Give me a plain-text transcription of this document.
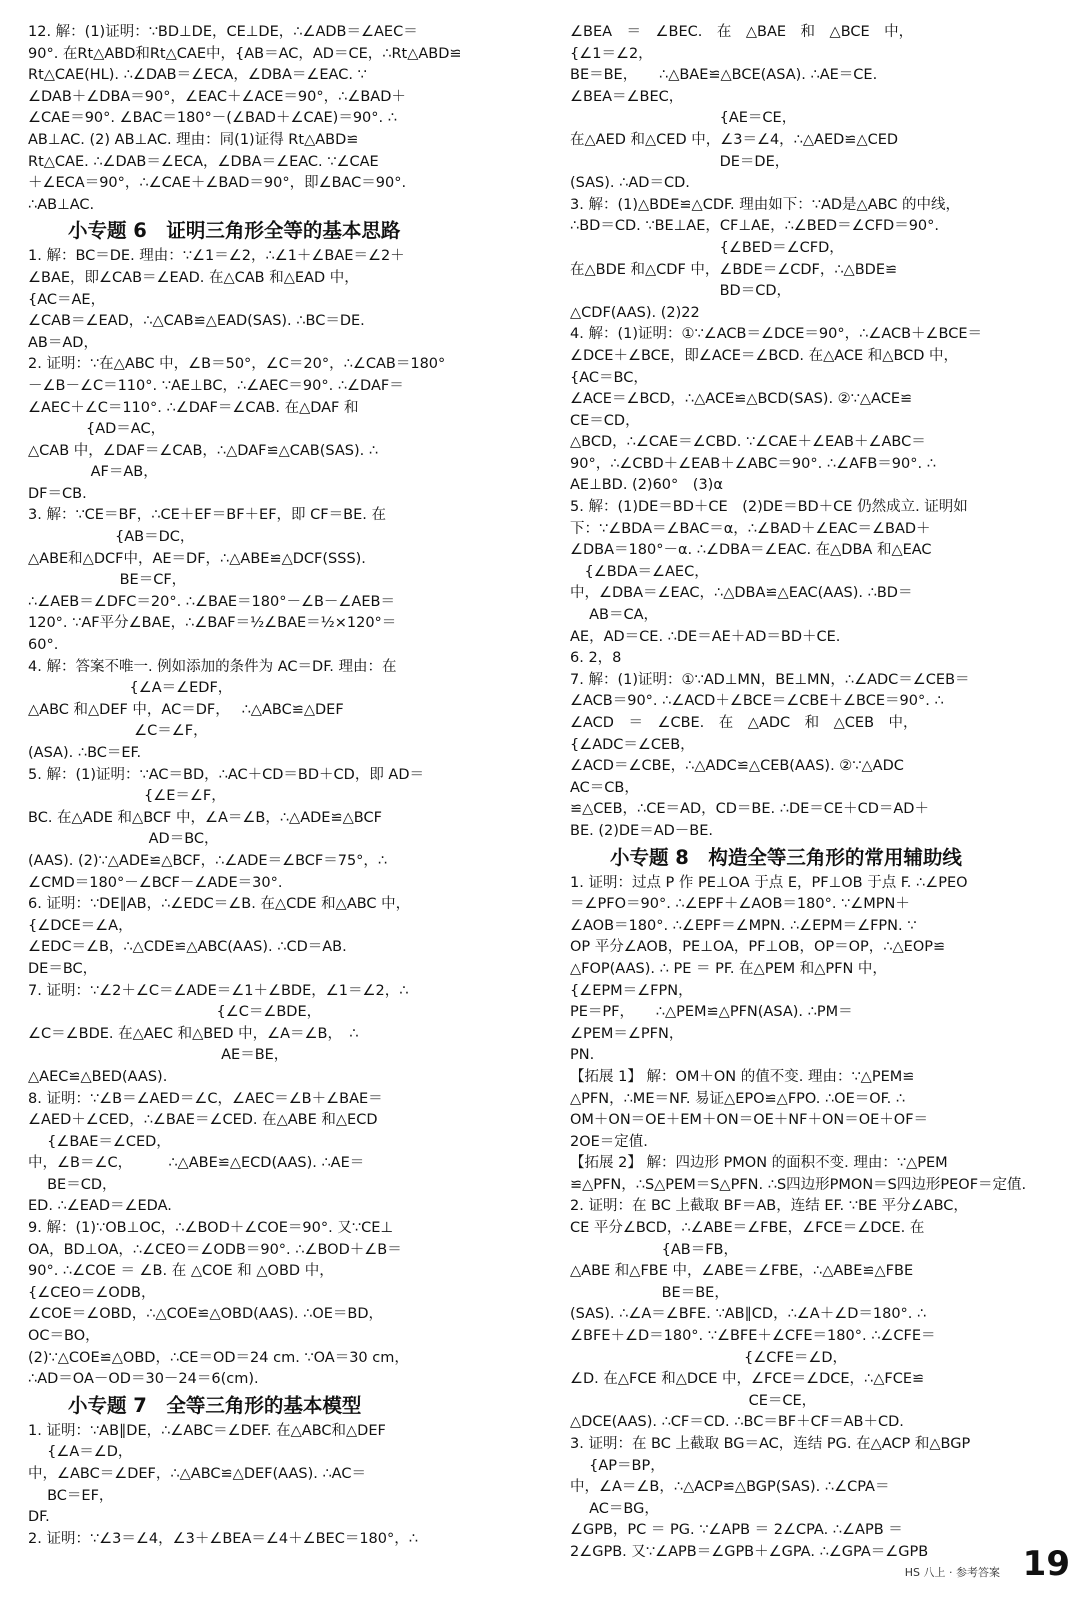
12. 解：(1)证明：∵BD⊥DE，CE⊥DE，∴∠ADB＝∠AEC＝
90°. 在Rt△ABD和Rt△CAE中，{AB＝AC，AD＝CE，∴Rt△ABD≌
Rt△CAE(HL). ∴∠DAB＝∠ECA，∠DBA＝∠EAC. ∵
∠DAB＋∠DBA＝90°，∠EAC＋∠ACE＝90°，∴∠BAD＋
∠CAE＝90°. ∠BAC＝180°－(∠BAD＋∠CAE)＝90°. ∴
AB⊥AC. (2) AB⊥AC. 理由：同(1)证得 Rt△ABD≌
Rt△CAE. ∴∠DAB＝∠ECA，∠DBA＝∠EAC. ∵∠CAE
＋∠ECA＝90°，∴∠CAE＋∠BAD＝90°，即∠BAC＝90°.
∴AB⊥AC.
小专题 6　证明三角形全等的基本思路
1. 解：BC＝DE. 理由：∵∠1＝∠2，∴∠1＋∠BAE＝∠2＋
∠BAE，即∠CAB＝∠EAD. 在△CAB 和△EAD 中，
{AC＝AE，
∠CAB＝∠EAD，∴△CAB≌△EAD(SAS). ∴BC＝DE.
AB＝AD，
2. 证明：∵在△ABC 中，∠B＝50°，∠C＝20°，∴∠CAB＝180°
－∠B－∠C＝110°. ∵AE⊥BC，∴∠AEC＝90°. ∴∠DAF＝
∠AEC＋∠C＝110°. ∴∠DAF＝∠CAB. 在△DAF 和
　　　　{AD＝AC，
△CAB 中，∠DAF＝∠CAB，∴△DAF≌△CAB(SAS). ∴
　　　　 AF＝AB，
DF＝CB.
3. 解：∵CE＝BF，∴CE＋EF＝BF＋EF，即 CF＝BE. 在
　　　　　　{AB＝DC，
△ABE和△DCF中，AE＝DF，∴△ABE≌△DCF(SSS).
　　　　　　 BE＝CF，
∴∠AEB＝∠DFC＝20°. ∴∠BAE＝180°－∠B－∠AEB＝
120°. ∵AF平分∠BAE，∴∠BAF＝½∠BAE＝½×120°＝
60°.
4. 解：答案不唯一. 例如添加的条件为 AC＝DF. 理由：在
　　　　　　　{∠A＝∠EDF，
△ABC 和△DEF 中，AC＝DF，　 ∴△ABC≌△DEF
　　　　　　　 ∠C＝∠F，
(ASA). ∴BC＝EF.
5. 解：(1)证明：∵AC＝BD，∴AC＋CD＝BD＋CD，即 AD＝
　　　　　　　　{∠E＝∠F，
BC. 在△ADE 和△BCF 中，∠A＝∠B，∴△ADE≌△BCF
　　　　　　　　 AD＝BC，
(AAS). (2)∵△ADE≌△BCF，∴∠ADE＝∠BCF＝75°，∴
∠CMD＝180°－∠BCF－∠ADE＝30°.
6. 证明：∵DE∥AB，∴∠EDC＝∠B. 在△CDE 和△ABC 中，
{∠DCE＝∠A，
∠EDC＝∠B，∴△CDE≌△ABC(AAS). ∴CD＝AB.
DE＝BC，
7. 证明：∵∠2＋∠C＝∠ADE＝∠1＋∠BDE，∠1＝∠2，∴
　　　　　　　　　　　　　{∠C＝∠BDE，
∠C＝∠BDE. 在△AEC 和△BED 中，∠A＝∠B，　∴
　　　　　　　　　　　　　 AE＝BE，
△AEC≌△BED(AAS).
8. 证明：∵∠B＝∠AED＝∠C，∠AEC＝∠B＋∠BAE＝
∠AED＋∠CED，∴∠BAE＝∠CED. 在△ABE 和△ECD
　 {∠BAE＝∠CED，
中，∠B＝∠C，　　　∴△ABE≌△ECD(AAS). ∴AE＝
　 BE＝CD，
ED. ∴∠EAD＝∠EDA.
9. 解：(1)∵OB⊥OC，∴∠BOD＋∠COE＝90°. 又∵CE⊥
OA，BD⊥OA，∴∠CEO＝∠ODB＝90°. ∴∠BOD＋∠B＝
90°. ∴∠COE ＝ ∠B. 在 △COE 和 △OBD 中，
{∠CEO＝∠ODB，
∠COE＝∠OBD，∴△COE≌△OBD(AAS). ∴OE＝BD，
OC＝BO，
(2)∵△COE≌△OBD，∴CE＝OD＝24 cm. ∵OA＝30 cm，
∴AD＝OA－OD＝30－24＝6(cm).
小专题 7　全等三角形的基本模型
1. 证明：∵AB∥DE，∴∠ABC＝∠DEF. 在△ABC和△DEF
　 {∠A＝∠D，
中，∠ABC＝∠DEF，∴△ABC≌△DEF(AAS). ∴AC＝
　 BC＝EF，
DF.
2. 证明：∵∠3＝∠4，∠3＋∠BEA＝∠4＋∠BEC＝180°，∴
∠BEA　＝　∠BEC.　在　△BAE　和　△BCE　中，
{∠1＝∠2，
BE＝BE，　　∴△BAE≌△BCE(ASA). ∴AE＝CE.
∠BEA＝∠BEC，
　　　　　　　　　　 {AE＝CE，
在△AED 和△CED 中，∠3＝∠4，∴△AED≌△CED
　　　　　　　　　　 DE＝DE，
(SAS). ∴AD＝CD.
3. 解：(1)△BDE≌△CDF. 理由如下：∵AD是△ABC 的中线，
∴BD＝CD. ∵BE⊥AE，CF⊥AE，∴∠BED＝∠CFD＝90°.
　　　　　　　　　　 {∠BED＝∠CFD，
在△BDE 和△CDF 中，∠BDE＝∠CDF，∴△BDE≌
　　　　　　　　　　 BD＝CD，
△CDF(AAS). (2)22
4. 解：(1)证明：①∵∠ACB＝∠DCE＝90°，∴∠ACB＋∠BCE＝
∠DCE＋∠BCE，即∠ACE＝∠BCD. 在△ACE 和△BCD 中，
{AC＝BC，
∠ACE＝∠BCD，∴△ACE≌△BCD(SAS). ②∵△ACE≌
CE＝CD，
△BCD，∴∠CAE＝∠CBD. ∵∠CAE＋∠EAB＋∠ABC＝
90°，∴∠CBD＋∠EAB＋∠ABC＝90°. ∴∠AFB＝90°. ∴
AE⊥BD. (2)60°　(3)α
5. 解：(1)DE＝BD＋CE　(2)DE＝BD＋CE 仍然成立. 证明如
下：∵∠BDA＝∠BAC＝α，∴∠BAD＋∠EAC＝∠BAD＋
∠DBA＝180°－α. ∴∠DBA＝∠EAC. 在△DBA 和△EAC
　{∠BDA＝∠AEC，
中，∠DBA＝∠EAC，∴△DBA≌△EAC(AAS). ∴BD＝
　 AB＝CA，
AE，AD＝CE. ∴DE＝AE＋AD＝BD＋CE.
6. 2，8
7. 解：(1)证明：①∵AD⊥MN，BE⊥MN，∴∠ADC＝∠CEB＝
∠ACB＝90°. ∴∠ACD＋∠BCE＝∠CBE＋∠BCE＝90°. ∴
∠ACD　＝　∠CBE.　在　△ADC　和　△CEB　中，
{∠ADC＝∠CEB，
∠ACD＝∠CBE，∴△ADC≌△CEB(AAS). ②∵△ADC
AC＝CB，
≌△CEB，∴CE＝AD，CD＝BE. ∴DE＝CE＋CD＝AD＋
BE. (2)DE＝AD－BE.
小专题 8　构造全等三角形的常用辅助线
1. 证明：过点 P 作 PE⊥OA 于点 E，PF⊥OB 于点 F. ∴∠PEO
＝∠PFO＝90°. ∴∠EPF＋∠AOB＝180°. ∵∠MPN＋
∠AOB＝180°. ∴∠EPF＝∠MPN. ∴∠EPM＝∠FPN. ∵
OP 平分∠AOB，PE⊥OA，PF⊥OB，OP＝OP，∴△EOP≌
△FOP(AAS). ∴ PE ＝ PF. 在△PEM 和△PFN 中，
{∠EPM＝∠FPN，
PE＝PF，　　∴△PEM≌△PFN(ASA). ∴PM＝
∠PEM＝∠PFN，
PN.
【拓展 1】 解：OM＋ON 的值不变. 理由：∵△PEM≌
△PFN，∴ME＝NF. 易证△EPO≌△FPO. ∴OE＝OF. ∴
OM＋ON＝OE＋EM＋ON＝OE＋NF＋ON＝OE＋OF＝
2OE＝定值.
【拓展 2】 解：四边形 PMON 的面积不变. 理由：∵△PEM
≌△PFN，∴S△PEM＝S△PFN. ∴S四边形PMON＝S四边形PEOF＝定值.
2. 证明：在 BC 上截取 BF＝AB，连结 EF. ∵BE 平分∠ABC，
CE 平分∠BCD，∴∠ABE＝∠FBE，∠FCE＝∠DCE. 在
　　　　　　 {AB＝FB，
△ABE 和△FBE 中，∠ABE＝∠FBE，∴△ABE≌△FBE
　　　　　　 BE＝BE，
(SAS). ∴∠A＝∠BFE. ∵AB∥CD，∴∠A＋∠D＝180°. ∴
∠BFE＋∠D＝180°. ∵∠BFE＋∠CFE＝180°. ∴∠CFE＝
　　　　　　　　　　　　{∠CFE＝∠D，
∠D. 在△FCE 和△DCE 中，∠FCE＝∠DCE，∴△FCE≌
　　　　　　　　　　　　 CE＝CE，
△DCE(AAS). ∴CF＝CD. ∴BC＝BF＋CF＝AB＋CD.
3. 证明：在 BC 上截取 BG＝AC，连结 PG. 在△ACP 和△BGP
　 {AP＝BP，
中，∠A＝∠B，∴△ACP≌△BGP(SAS). ∴∠CPA＝
　 AC＝BG，
∠GPB，PC ＝ PG. ∵∠APB ＝ 2∠CPA. ∴∠APB ＝
2∠GPB. 又∵∠APB＝∠GPB＋∠GPA. ∴∠GPA＝∠GPB
HS 八上 · 参考答案 19
